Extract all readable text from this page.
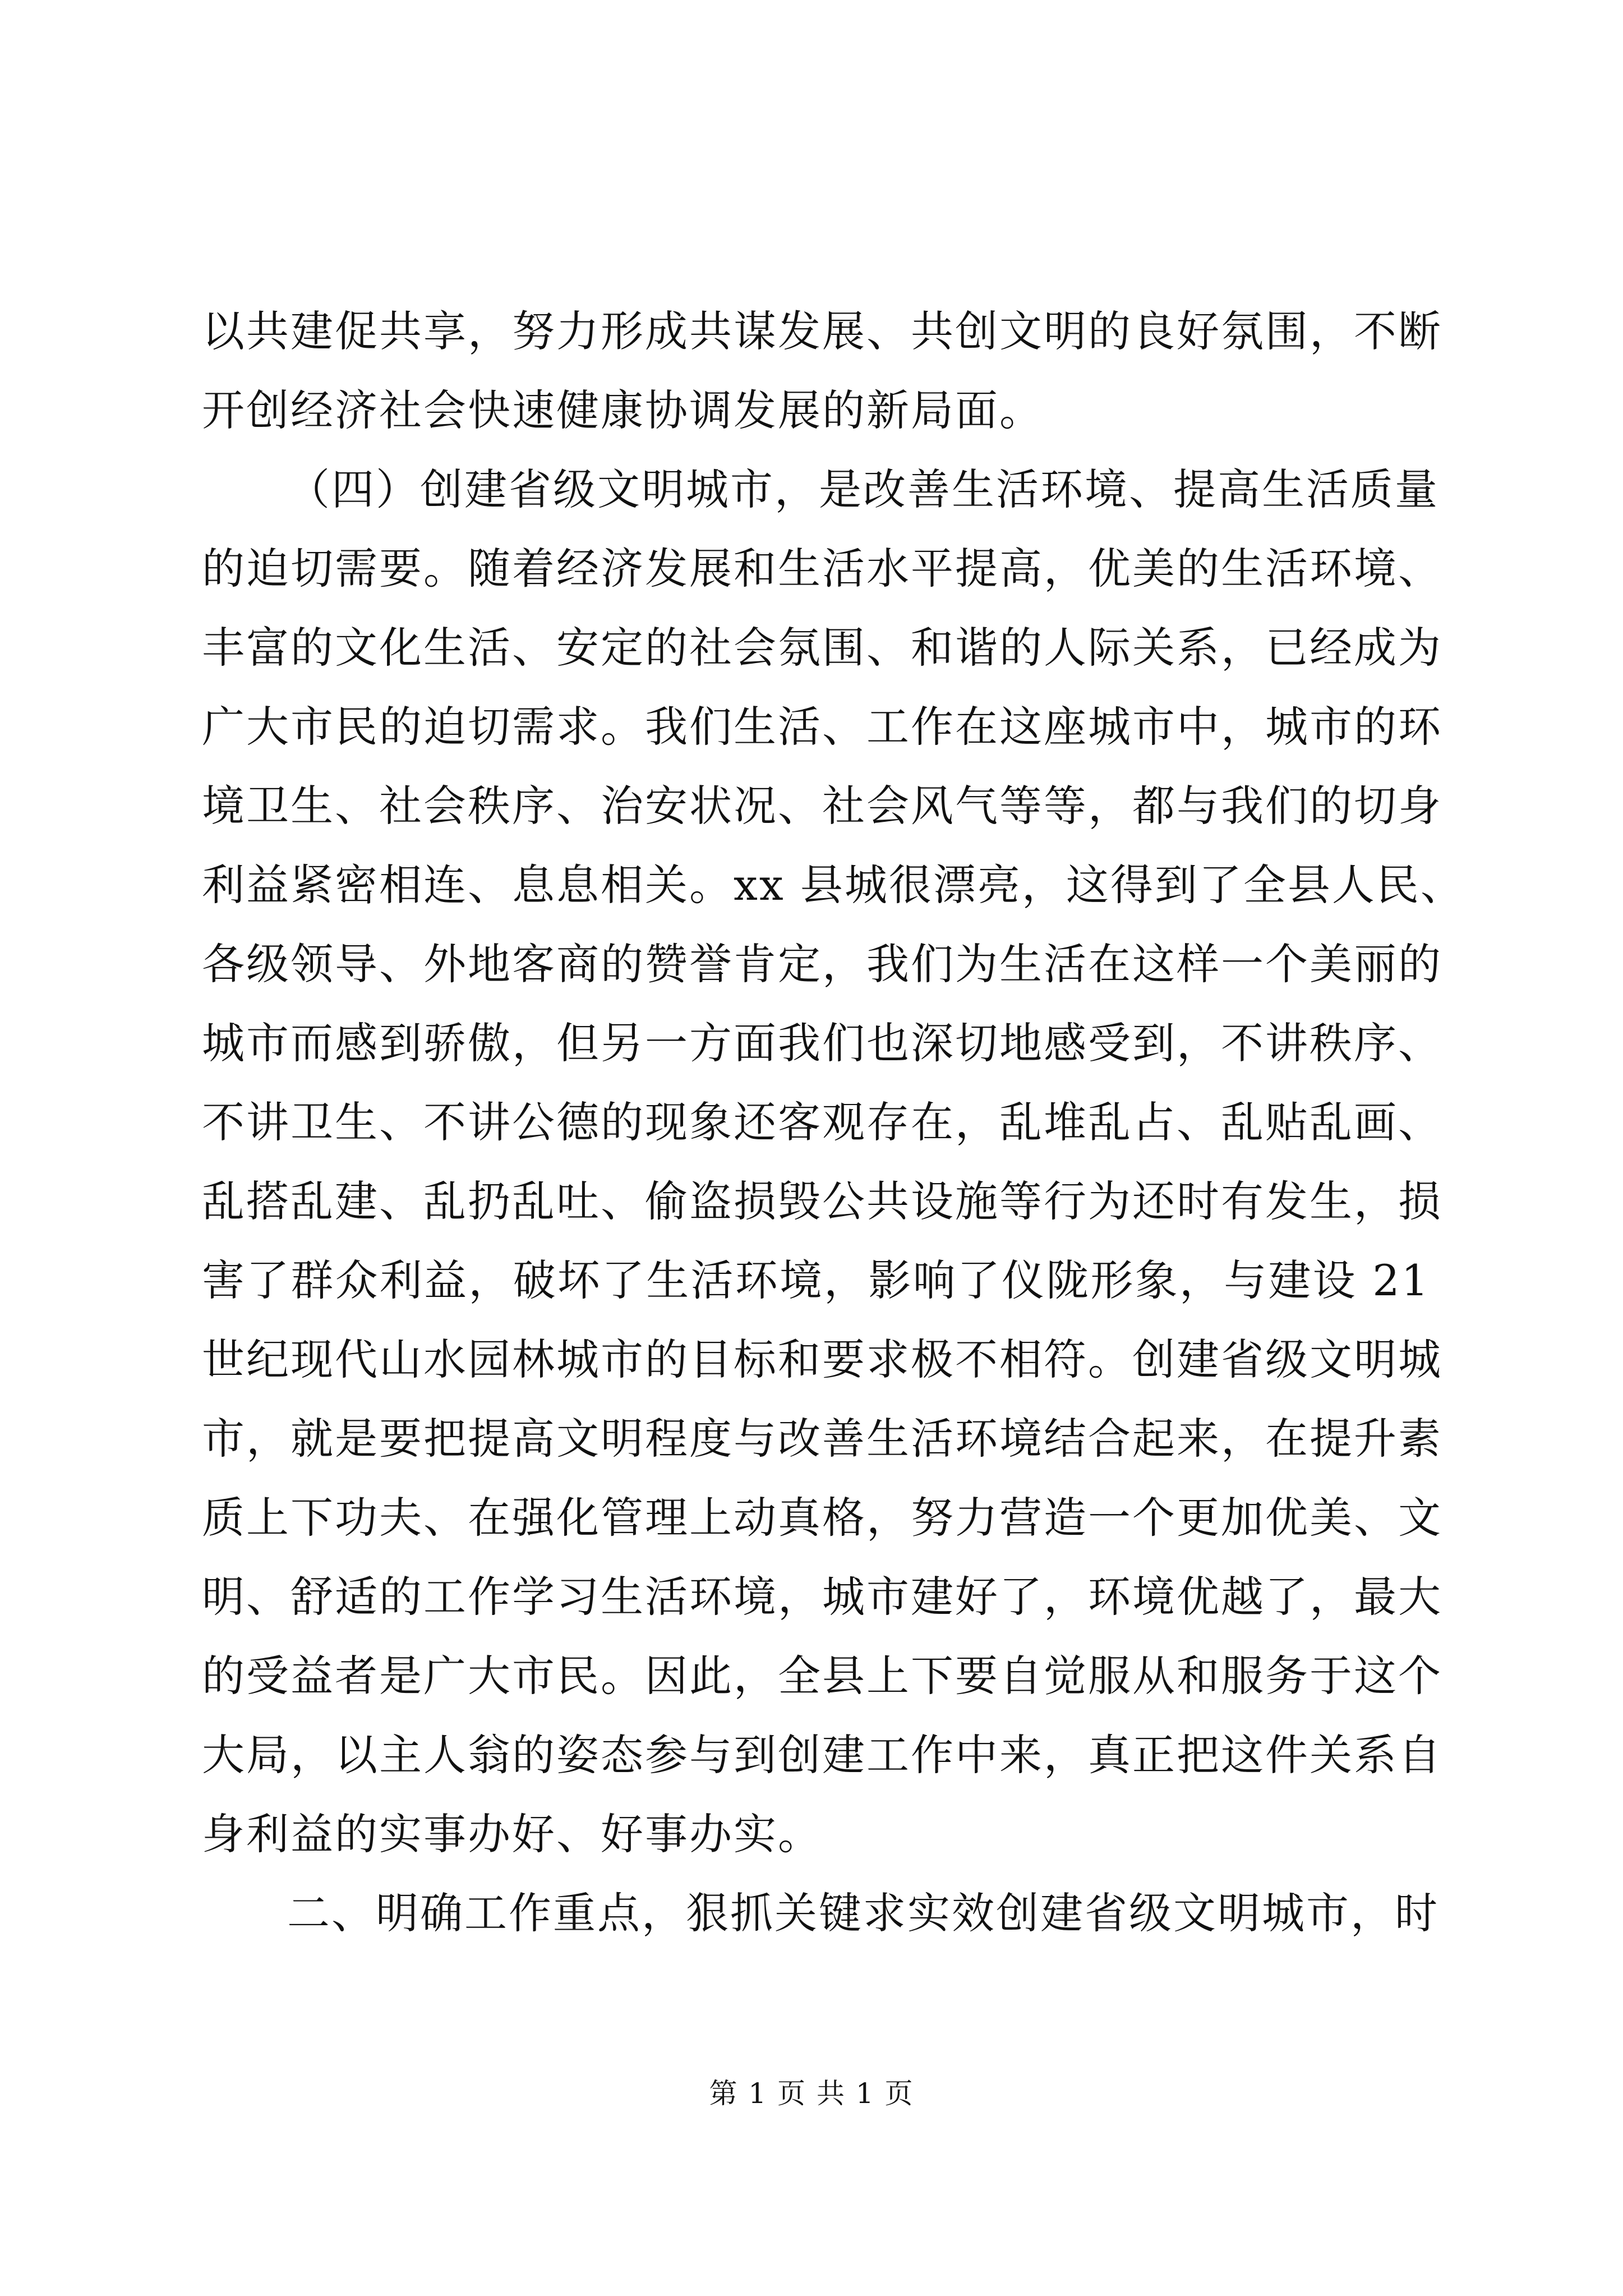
以共建促共享，努力形成共谋发展、共创文明的良好氛围，不断
开创经济社会快速健康协调发展的新局面。
（四）创建省级文明城市，是改善生活环境、提高生活质量
的迫切需要。随着经济发展和生活水平提高，优美的生活环境、
丰富的文化生活、安定的社会氛围、和谐的人际关系，已经成为
广大市民的迫切需求。我们生活、工作在这座城市中，城市的环
境卫生、社会秩序、治安状况、社会风气等等，都与我们的切身
利益紧密相连、息息相关。xx 县城很漂亮，这得到了全县人民、
各级领导、外地客商的赞誉肯定，我们为生活在这样一个美丽的
城市而感到骄傲，但另一方面我们也深切地感受到，不讲秩序、
不讲卫生、不讲公德的现象还客观存在，乱堆乱占、乱贴乱画、
乱搭乱建、乱扔乱吐、偷盗损毁公共设施等行为还时有发生，损
害了群众利益，破坏了生活环境，影响了仪陇形象，与建设 21
世纪现代山水园林城市的目标和要求极不相符。创建省级文明城
市，就是要把提高文明程度与改善生活环境结合起来，在提升素
质上下功夫、在强化管理上动真格，努力营造一个更加优美、文
明、舒适的工作学习生活环境，城市建好了，环境优越了，最大
的受益者是广大市民。因此，全县上下要自觉服从和服务于这个
大局，以主人翁的姿态参与到创建工作中来，真正把这件关系自
身利益的实事办好、好事办实。
二、明确工作重点，狠抓关键求实效创建省级文明城市，时
第 1 页 共 1 页
